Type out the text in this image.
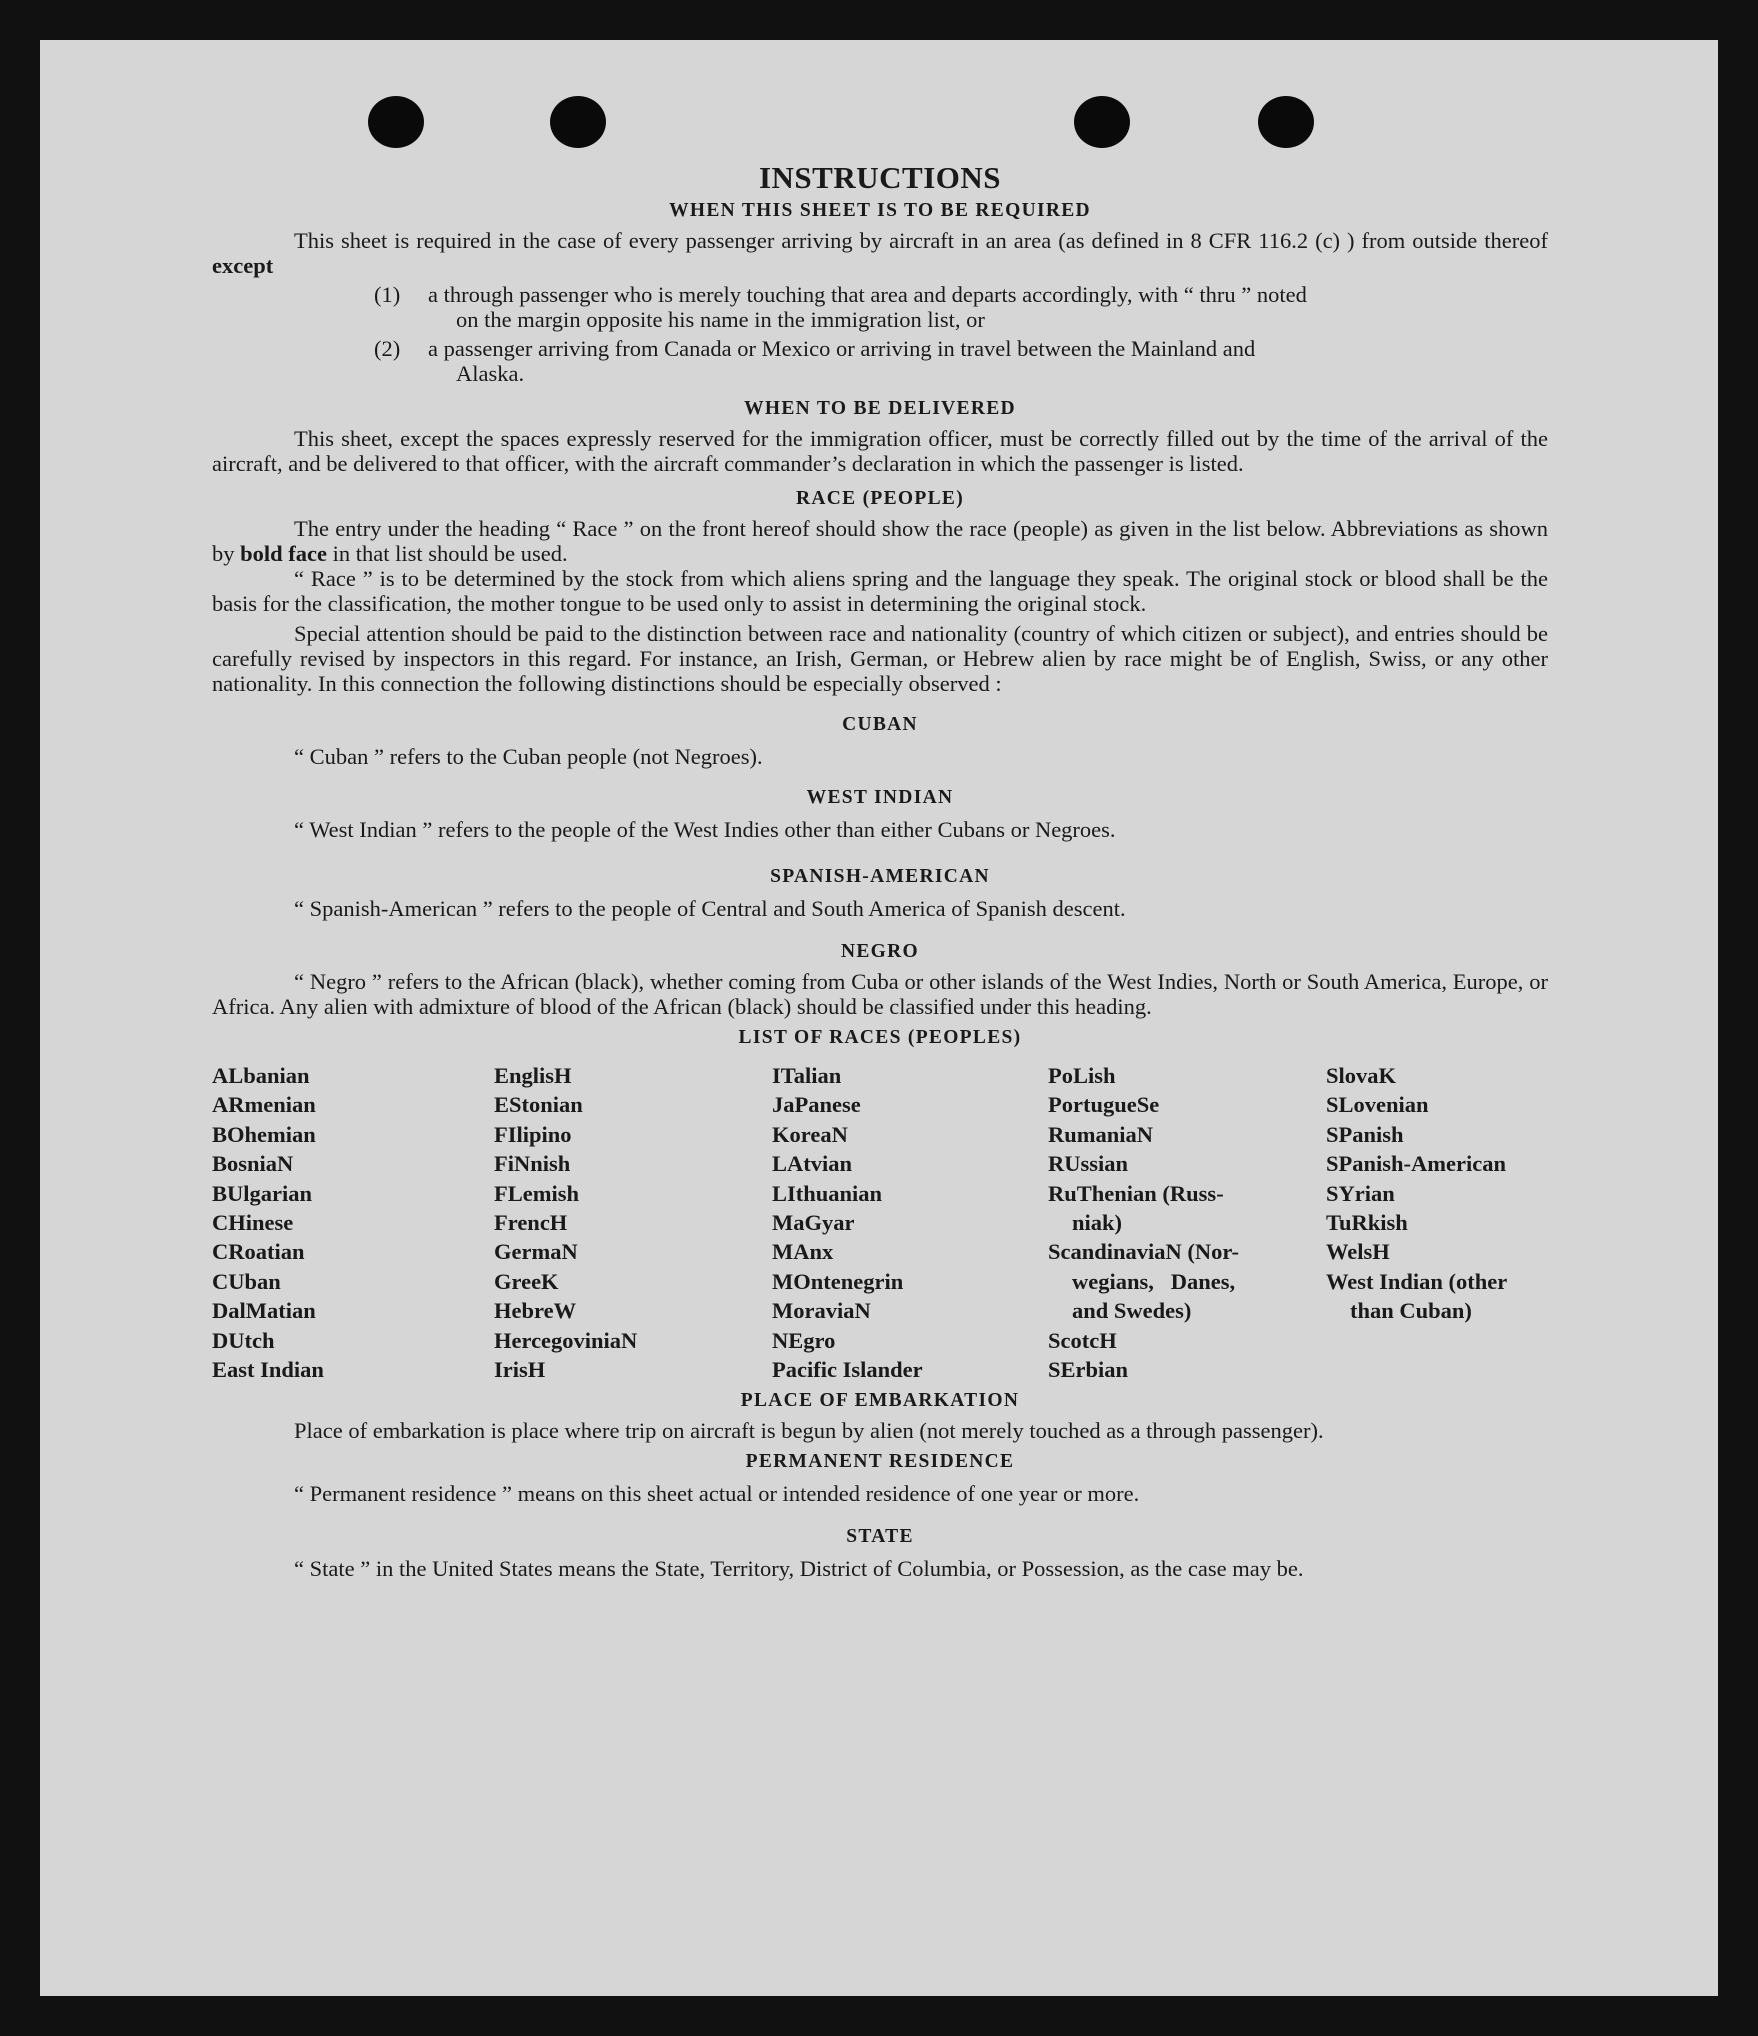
INSTRUCTIONS
WHEN THIS SHEET IS TO BE REQUIRED

This sheet is required in the case of every passenger arriving by aircraft in an area (as defined in 8 CFR 116.2 (c) ) from outside thereof except

(1)	a through passenger who is merely touching that area and departs accordingly, with “ thru ” noted
on the margin opposite his name in the immigration list, or
(2)	a passenger arriving from Canada or Mexico or arriving in travel between the Mainland and
Alaska.
WHEN TO BE DELIVERED

This sheet, except the spaces expressly reserved for the immigration officer, must be correctly filled out by the time of the arrival of the aircraft, and be delivered to that officer, with the aircraft commander’s declaration in which the passenger is listed.

RACE (PEOPLE)

The entry under the heading “ Race ” on the front hereof should show the race (people) as given in the list below. Abbreviations as shown by bold face in that list should be used.

“ Race ” is to be determined by the stock from which aliens spring and the language they speak. The original stock or blood shall be the basis for the classification, the mother tongue to be used only to assist in determining the original stock.

Special attention should be paid to the distinction between race and nationality (country of which citizen or subject), and entries should be carefully revised by inspectors in this regard. For instance, an Irish, German, or Hebrew alien by race might be of English, Swiss, or any other nationality. In this connection the following distinctions should be especially observed :

CUBAN

“ Cuban ” refers to the Cuban people (not Negroes).

WEST INDIAN

“ West Indian ” refers to the people of the West Indies other than either Cubans or Negroes.

SPANISH-AMERICAN

“ Spanish-American ” refers to the people of Central and South America of Spanish descent.

NEGRO

“ Negro ” refers to the African (black), whether coming from Cuba or other islands of the West Indies, North or South America, Europe, or Africa. Any alien with admixture of blood of the African (black) should be classified under this heading.

LIST OF RACES (PEOPLES)
ALbanian
ARmenian
BOhemian
BosniaN
BUlgarian
CHinese
CRoatian
CUban
DalMatian
DUtch
East Indian
EnglisH
EStonian
FIlipino
FiNnish
FLemish
FrencH
GermaN
GreeK
HebreW
HercegoviniaN
IrisH
ITalian
JaPanese
KoreaN
LAtvian
LIthuanian
MaGyar
MAnx
MOntenegrin
MoraviaN
NEgro
Pacific Islander
PoLish
PortugueSe
RumaniaN
RUssian
RuThenian (Russ-
niak)
ScandinaviaN (Nor-
wegians,   Danes,
and Swedes)
ScotcH
SErbian
SlovaK
SLovenian
SPanish
SPanish-American
SYrian
TuRkish
WelsH
West Indian (other
than Cuban)
PLACE OF EMBARKATION

Place of embarkation is place where trip on aircraft is begun by alien (not merely touched as a through passenger).

PERMANENT RESIDENCE

“ Permanent residence ” means on this sheet actual or intended residence of one year or more.

STATE

“ State ” in the United States means the State, Territory, District of Columbia, or Possession, as the case may be.
